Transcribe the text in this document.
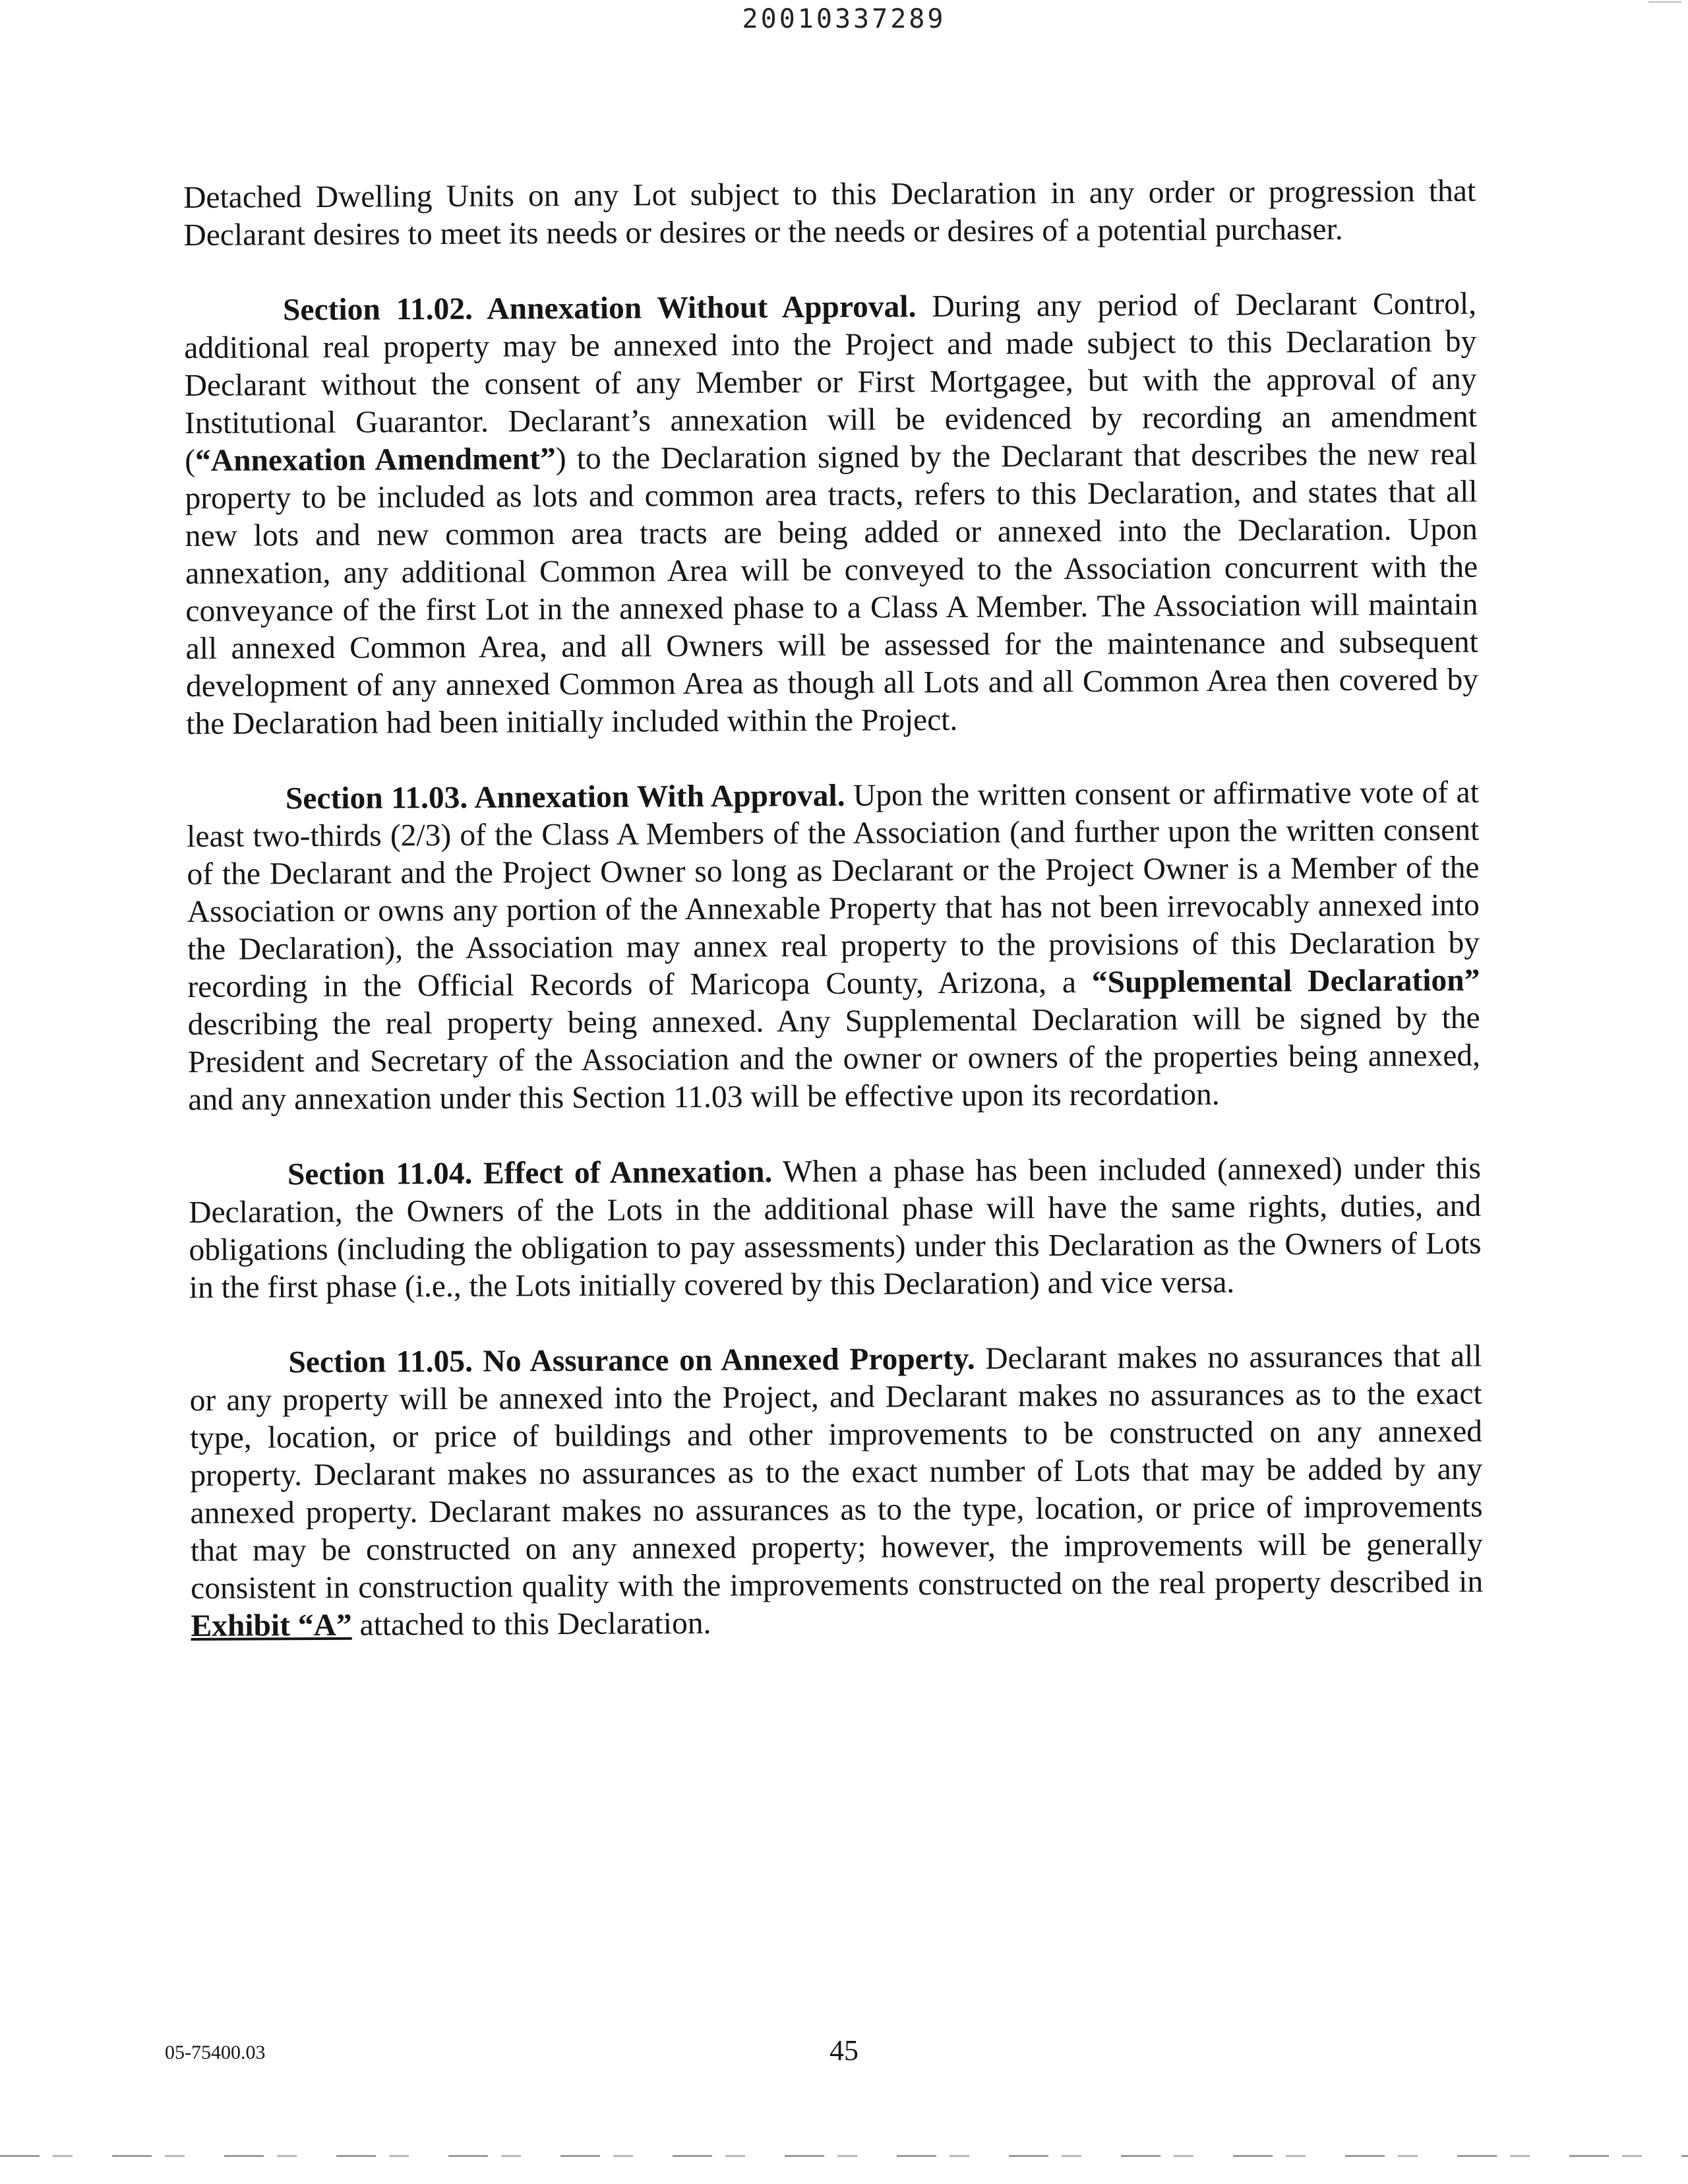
20010337289

Detached Dwelling Units on any Lot subject to this Declaration in any order or progression that Declarant desires to meet its needs or desires or the needs or desires of a potential purchaser.

Section 11.02. Annexation Without Approval. During any period of Declarant Control, additional real property may be annexed into the Project and made subject to this Declaration by Declarant without the consent of any Member or First Mortgagee, but with the approval of any Institutional Guarantor. Declarant’s annexation will be evidenced by recording an amendment (“Annexation Amendment”) to the Declaration signed by the Declarant that describes the new real property to be included as lots and common area tracts, refers to this Declaration, and states that all new lots and new common area tracts are being added or annexed into the Declaration. Upon annexation, any additional Common Area will be conveyed to the Association concurrent with the conveyance of the first Lot in the annexed phase to a Class A Member. The Association will maintain all annexed Common Area, and all Owners will be assessed for the maintenance and subsequent development of any annexed Common Area as though all Lots and all Common Area then covered by the Declaration had been initially included within the Project.

Section 11.03. Annexation With Approval. Upon the written consent or affirmative vote of at least two-thirds (2/3) of the Class A Members of the Association (and further upon the written consent of the Declarant and the Project Owner so long as Declarant or the Project Owner is a Member of the Association or owns any portion of the Annexable Property that has not been irrevocably annexed into the Declaration), the Association may annex real property to the provisions of this Declaration by recording in the Official Records of Maricopa County, Arizona, a “Supplemental Declaration” describing the real property being annexed. Any Supplemental Declaration will be signed by the President and Secretary of the Association and the owner or owners of the properties being annexed, and any annexation under this Section 11.03 will be effective upon its recordation.

Section 11.04. Effect of Annexation. When a phase has been included (annexed) under this Declaration, the Owners of the Lots in the additional phase will have the same rights, duties, and obligations (including the obligation to pay assessments) under this Declaration as the Owners of Lots in the first phase (i.e., the Lots initially covered by this Declaration) and vice versa.

Section 11.05. No Assurance on Annexed Property. Declarant makes no assurances that all or any property will be annexed into the Project, and Declarant makes no assurances as to the exact type, location, or price of buildings and other improvements to be constructed on any annexed property. Declarant makes no assurances as to the exact number of Lots that may be added by any annexed property. Declarant makes no assurances as to the type, location, or price of improvements that may be constructed on any annexed property; however, the improvements will be generally consistent in construction quality with the improvements constructed on the real property described in Exhibit “A” attached to this Declaration.

05-75400.03	45
